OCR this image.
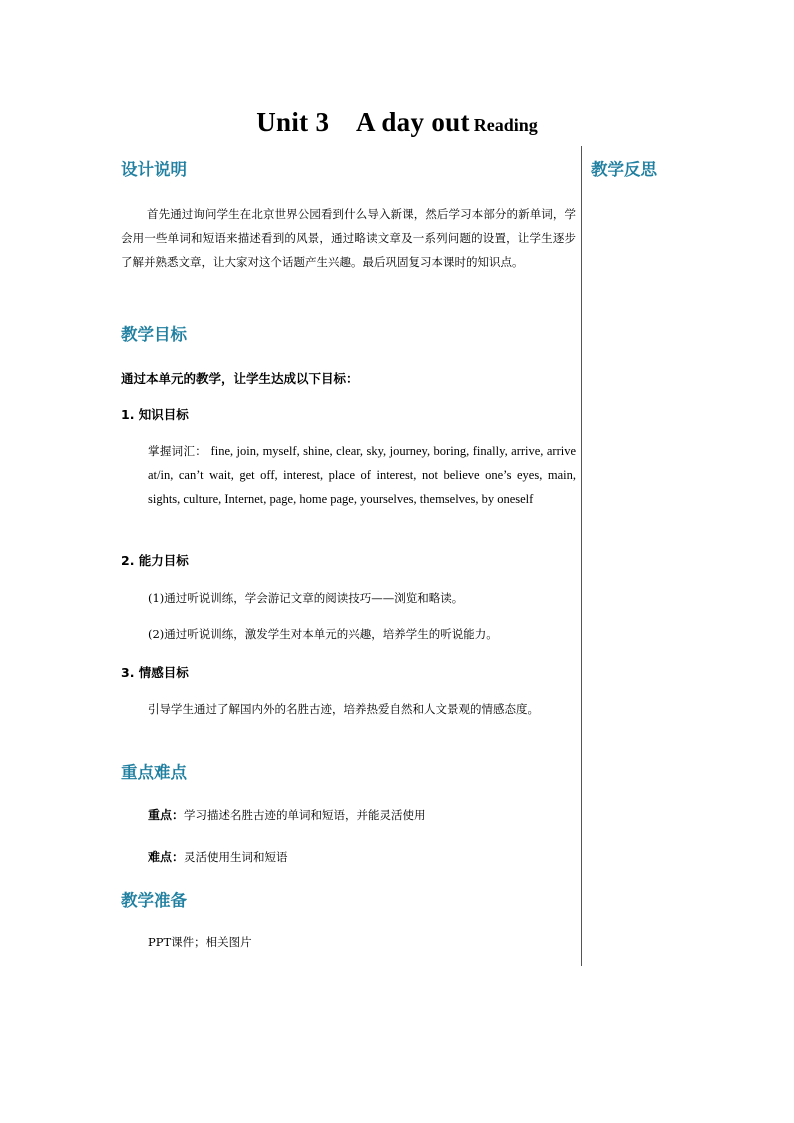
Unit 3    A day out Reading
教学反思
设计说明
首先通过询问学生在北京世界公园看到什么导入新课，然后学习本部分的新单词，学会用一些单词和短语来描述看到的风景，通过略读文章及一系列问题的设置，让学生逐步了解并熟悉文章，让大家对这个话题产生兴趣。最后巩固复习本课时的知识点。
教学目标
通过本单元的教学，让学生达成以下目标：
1. 知识目标
掌握词汇： fine, join, myself, shine, clear, sky, journey, boring, finally, arrive, arrive at/in, can’t wait, get off, interest, place of interest, not believe one’s eyes, main, sights, culture, Internet, page, home page, yourselves, themselves, by oneself
2. 能力目标
(1)通过听说训练，学会游记文章的阅读技巧——浏览和略读。
(2)通过听说训练，激发学生对本单元的兴趣，培养学生的听说能力。
3. 情感目标
引导学生通过了解国内外的名胜古迹，培养热爱自然和人文景观的情感态度。
重点难点
重点：学习描述名胜古迹的单词和短语，并能灵活使用
难点：灵活使用生词和短语
教学准备
PPT课件；相关图片
